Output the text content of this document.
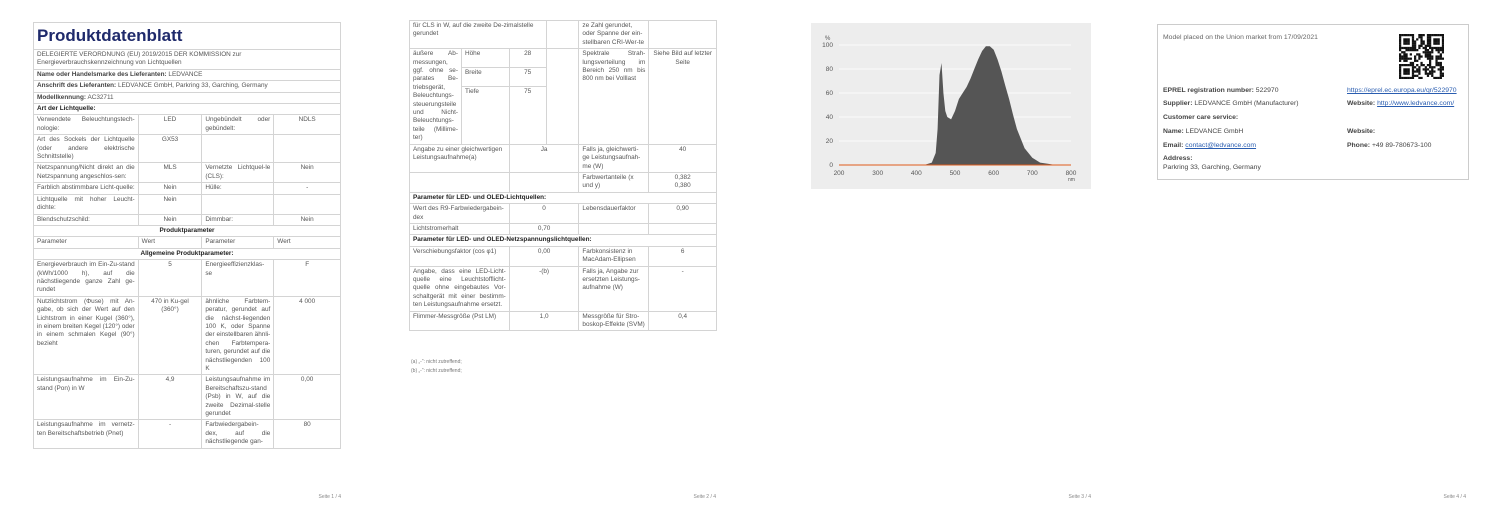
Produktdatenblatt			
DELEGIERTE VERORDNUNG (EU) 2019/2015 DER KOMMISSION zur Energieverbrauchskennzeichnung von Lichtquellen			
Name oder Handelsmarke des Lieferanten: LEDVANCE			
Anschrift des Lieferanten: LEDVANCE GmbH, Parkring 33, Garching, Germany			
Modellkennung: AC32711			
Art der Lichtquelle:			
Verwendete Beleuchtungstech-nologie:	LED	Ungebündelt oder gebündelt:	NDLS
Art des Sockels der Lichtquelle (oder andere elektrische Schnittstelle)	GX53		
Netzspannung/Nicht direkt an die Netzspannung angeschlos-sen:	MLS	Vernetzte Lichtquel-le (CLS):	Nein
Farblich abstimmbare Licht-quelle:	Nein	Hülle:	-
Lichtquelle mit hoher Leucht-dichte:	Nein		
Blendschutzschild:	Nein	Dimmbar:	Nein
Produktparameter			
Parameter	Wert	Parameter	Wert
Allgemeine Produktparameter:			
Energieverbrauch im Ein-Zu-stand (kWh/1000 h), auf die nächstliegende ganze Zahl ge-rundet	5	Energieeffizienzklas-se	F
Nutzlichtstrom (Φuse) mit An-gabe, ob sich der Wert auf den Lichtstrom in einer Kugel (360°), in einem breiten Kegel (120°) oder in einem schmalen Kegel (90°) bezieht	470 in Ku-gel (360°)	ähnliche Farbtem-peratur, gerundet auf die nächst-liegenden 100 K, oder Spanne der einstellbaren ähnli-chen Farbtempera-turen, gerundet auf die nächstliegenden 100 K	4 000
Leistungsaufnahme im Ein-Zu-stand (Pon) in W	4,9	Leistungsaufnahme im Bereitschaftszu-stand (Psb) in W, auf die zweite Dezimal-stelle gerundet	0,00
Leistungsaufnahme im vernetz-ten Bereitschaftsbetrieb (Pnet)	-	Farbwiedergabein-dex, auf die nächstliegende gan-	80
Seite 1 / 4
für CLS in W, auf die zweite De-zimalstelle gerundet				ze Zahl gerundet, oder Spanne der ein-stellbaren CRI-Wer-te	
äußere Ab-messungen, ggf. ohne se-parates Be-triebsgerät, Beleuchtungs-steuerungsteile und Nicht-Beleuchtungs-teile (Millime-ter)	Höhe	28		Spektrale Strah-lungsverteilung im Bereich 250 nm bis 800 nm bei Volllast	Siehe Bild auf letzter Seite
	Breite	75			
	Tiefe	75			
Angabe zu einer gleichwertigen Leistungsaufnahme(a)		Ja		Falls ja, gleichwerti-ge Leistungsaufnah-me (W)	40
				Farbwertanteile (x und y)	0,382
0,380
Parameter für LED- und OLED-Lichtquellen:					
Wert des R9-Farbwiedergabein-dex		0		Lebensdauerfaktor	0,90
Lichtstromerhalt		0,70			
Parameter für LED- und OLED-Netzspannungslichtquellen:					
Verschiebungsfaktor (cos φ1)		0,00		Farbkonsistenz in MacAdam-Ellipsen	6
Angabe, dass eine LED-Licht-quelle eine Leuchtstofflicht-quelle ohne eingebautes Vor-schaltgerät mit einer bestimm-ten Leistungsaufnahme ersetzt.		-(b)		Falls ja, Angabe zur ersetzten Leistungs-aufnahme (W)	-
Flimmer-Messgröße (Pst LM)		1,0		Messgröße für Stro-boskop-Effekte (SVM)	0,4
(a) „-“: nicht zutreffend;
(b) „-“: nicht zutreffend;
Seite 2 / 4
0
20
40
60
80
100
200	300	400	500	600	700	800
%
nm
Seite 3 / 4
Model placed on the Union market from 17/09/2021
EPREL registration number: 522970	https://eprel.ec.europa.eu/qr/522970
Supplier: LEDVANCE GmbH (Manufacturer)	Website: http://www.ledvance.com/
Customer care service:
Name: LEDVANCE GmbH	Website:
Email: contact@ledvance.com	Phone: +49 89-780673-100
Address:
Parkring 33, Garching, Germany
Seite 4 / 4
